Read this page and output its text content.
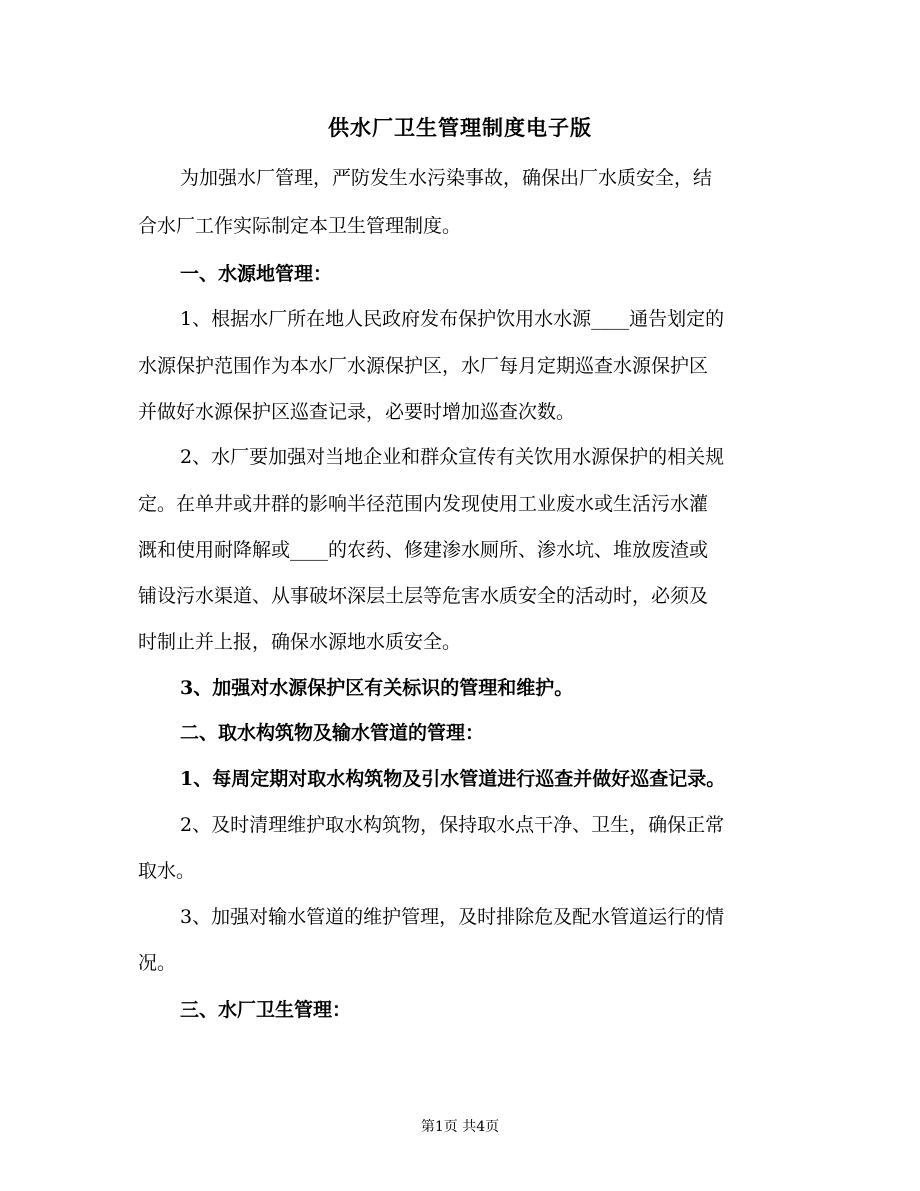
供水厂卫生管理制度电子版
为加强水厂管理，严防发生水污染事故，确保出厂水质安全，结
合水厂工作实际制定本卫生管理制度。
一、水源地管理：
1、根据水厂所在地人民政府发布保护饮用水水源____通告划定的
水源保护范围作为本水厂水源保护区，水厂每月定期巡查水源保护区
并做好水源保护区巡查记录，必要时增加巡查次数。
2、水厂要加强对当地企业和群众宣传有关饮用水源保护的相关规
定。在单井或井群的影响半径范围内发现使用工业废水或生活污水灌
溉和使用耐降解或____的农药、修建渗水厕所、渗水坑、堆放废渣或
铺设污水渠道、从事破坏深层土层等危害水质安全的活动时，必须及
时制止并上报，确保水源地水质安全。
3、加强对水源保护区有关标识的管理和维护。
二、取水构筑物及输水管道的管理：
1、每周定期对取水构筑物及引水管道进行巡查并做好巡查记录。
2、及时清理维护取水构筑物，保持取水点干净、卫生，确保正常
取水。
3、加强对输水管道的维护管理，及时排除危及配水管道运行的情
况。
三、水厂卫生管理：
第1页 共4页
